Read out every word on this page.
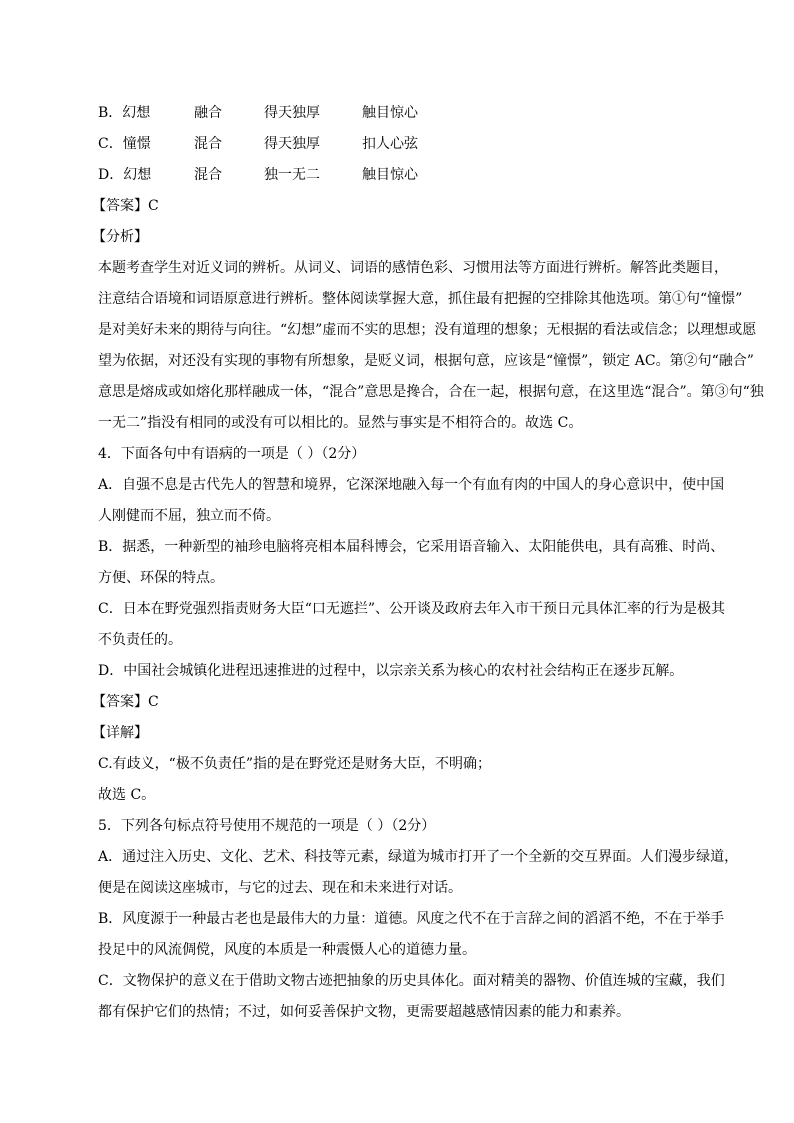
B．幻想	融合	得天独厚	触目惊心
C．憧憬	混合	得天独厚	扣人心弦
D．幻想	混合	独一无二	触目惊心
【答案】C
【分析】
本题考查学生对近义词的辨析。从词义、词语的感情色彩、习惯用法等方面进行辨析。解答此类题目，
注意结合语境和词语原意进行辨析。整体阅读掌握大意，抓住最有把握的空排除其他选项。第①句“憧憬”
是对美好未来的期待与向往。“幻想”虚而不实的思想；没有道理的想象；无根据的看法或信念；以理想或愿
望为依据，对还没有实现的事物有所想象，是贬义词，根据句意，应该是“憧憬”，锁定 AC。第②句“融合”
意思是熔成或如熔化那样融成一体，“混合”意思是搀合，合在一起，根据句意，在这里选“混合”。第③句“独
一无二”指没有相同的或没有可以相比的。显然与事实是不相符合的。故选 C。
4．下面各句中有语病的一项是（ ）（2分）
A．自强不息是古代先人的智慧和境界，它深深地融入每一个有血有肉的中国人的身心意识中，使中国
人刚健而不屈，独立而不倚。
B．据悉，一种新型的袖珍电脑将亮相本届科博会，它采用语音输入、太阳能供电，具有高雅、时尚、
方便、环保的特点。
C．日本在野党强烈指责财务大臣“口无遮拦”、公开谈及政府去年入市干预日元具体汇率的行为是极其
不负责任的。
D．中国社会城镇化进程迅速推进的过程中，以宗亲关系为核心的农村社会结构正在逐步瓦解。
【答案】C
【详解】
C.有歧义，“极不负责任”指的是在野党还是财务大臣，不明确；
故选 C。
5．下列各句标点符号使用不规范的一项是（ ）（2分）
A．通过注入历史、文化、艺术、科技等元素，绿道为城市打开了一个全新的交互界面。人们漫步绿道，
便是在阅读这座城市，与它的过去、现在和未来进行对话。
B．风度源于一种最古老也是最伟大的力量：道德。风度之代不在于言辞之间的滔滔不绝，不在于举手
投足中的风流倜傥，风度的本质是一种震慑人心的道德力量。
C．文物保护的意义在于借助文物古迹把抽象的历史具体化。面对精美的器物、价值连城的宝藏，我们
都有保护它们的热情；不过，如何妥善保护文物，更需要超越感情因素的能力和素养。
